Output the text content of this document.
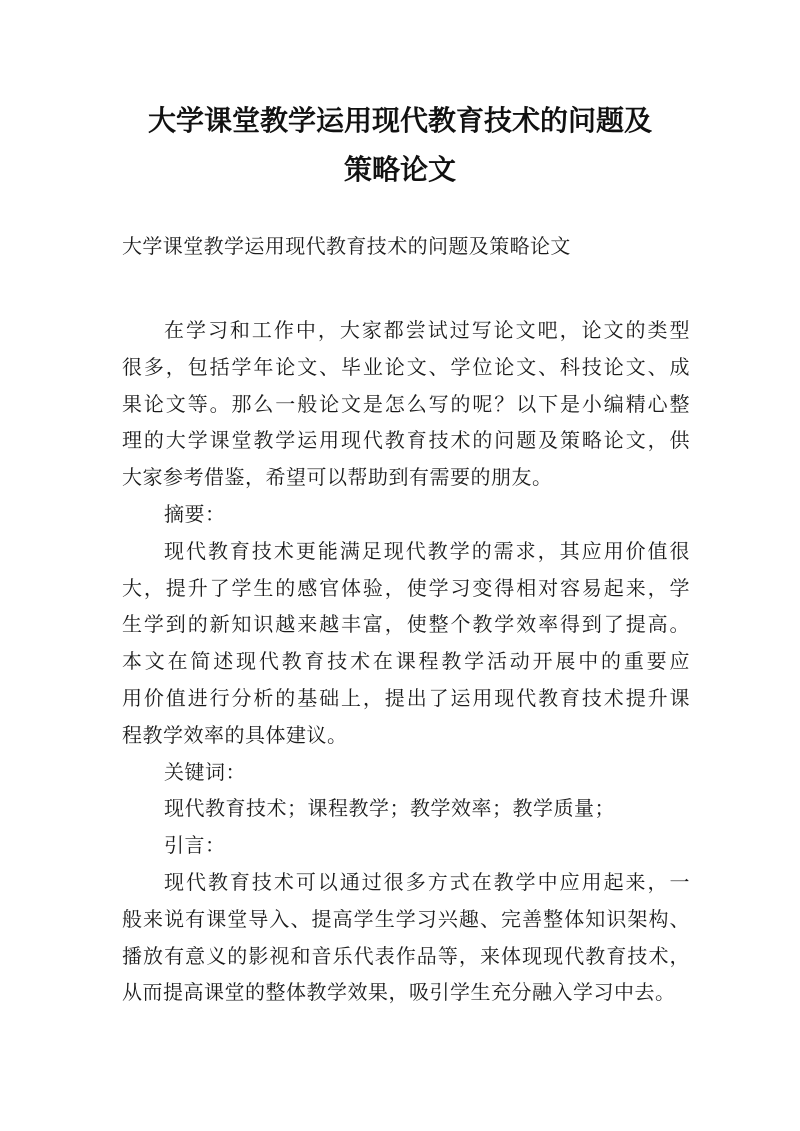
大学课堂教学运用现代教育技术的问题及
策略论文
大学课堂教学运用现代教育技术的问题及策略论文

在学习和工作中，大家都尝试过写论文吧，论文的类型
很多，包括学年论文、毕业论文、学位论文、科技论文、成
果论文等。那么一般论文是怎么写的呢？以下是小编精心整
理的大学课堂教学运用现代教育技术的问题及策略论文，供
大家参考借鉴，希望可以帮助到有需要的朋友。

摘要：

现代教育技术更能满足现代教学的需求，其应用价值很
大，提升了学生的感官体验，使学习变得相对容易起来，学
生学到的新知识越来越丰富，使整个教学效率得到了提高。
本文在简述现代教育技术在课程教学活动开展中的重要应
用价值进行分析的基础上，提出了运用现代教育技术提升课
程教学效率的具体建议。

关键词：
现代教育技术；课程教学；教学效率；教学质量；
引言：

现代教育技术可以通过很多方式在教学中应用起来，一
般来说有课堂导入、提高学生学习兴趣、完善整体知识架构、
播放有意义的影视和音乐代表作品等，来体现现代教育技术，
从而提高课堂的整体教学效果，吸引学生充分融入学习中去。
